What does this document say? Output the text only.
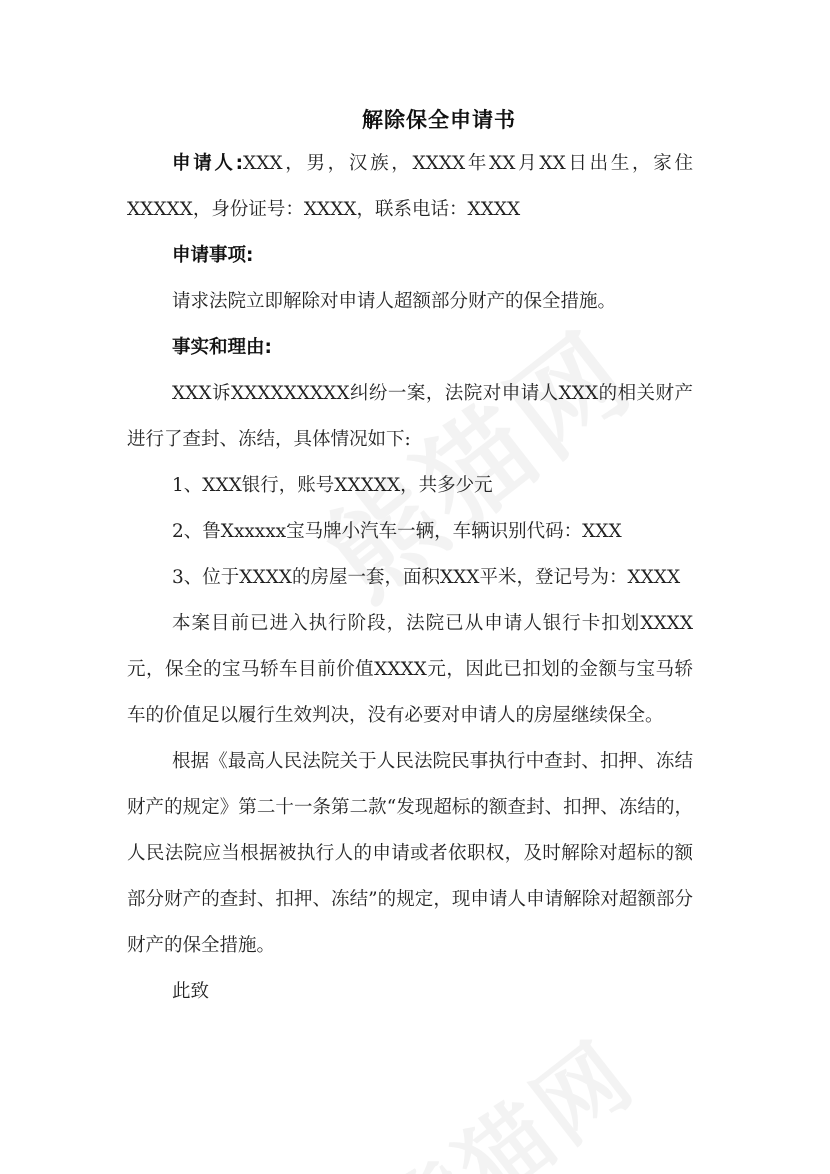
解除保全申请书

申请人:XXX，男，汉族，XXXX年XX月XX日出生，家住XXXXX，身份证号：XXXX，联系电话：XXXX

申请事项:

请求法院立即解除对申请人超额部分财产的保全措施。

事实和理由:

XXX诉XXXXXXXXX纠纷一案，法院对申请人XXX的相关财产进行了查封、冻结，具体情况如下:

1、XXX银行，账号XXXXX，共多少元

2、鲁Xxxxxx宝马牌小汽车一辆，车辆识别代码：XXX

3、位于XXXX的房屋一套，面积XXX平米，登记号为：XXXX

本案目前已进入执行阶段，法院已从申请人银行卡扣划XXXX元，保全的宝马轿车目前价值XXXX元，因此已扣划的金额与宝马轿车的价值足以履行生效判决，没有必要对申请人的房屋继续保全。

根据《最高人民法院关于人民法院民事执行中查封、扣押、冻结财产的规定》第二十一条第二款“发现超标的额查封、扣押、冻结的，人民法院应当根据被执行人的申请或者依职权，及时解除对超标的额部分财产的查封、扣押、冻结”的规定，现申请人申请解除对超额部分财产的保全措施。

此致
